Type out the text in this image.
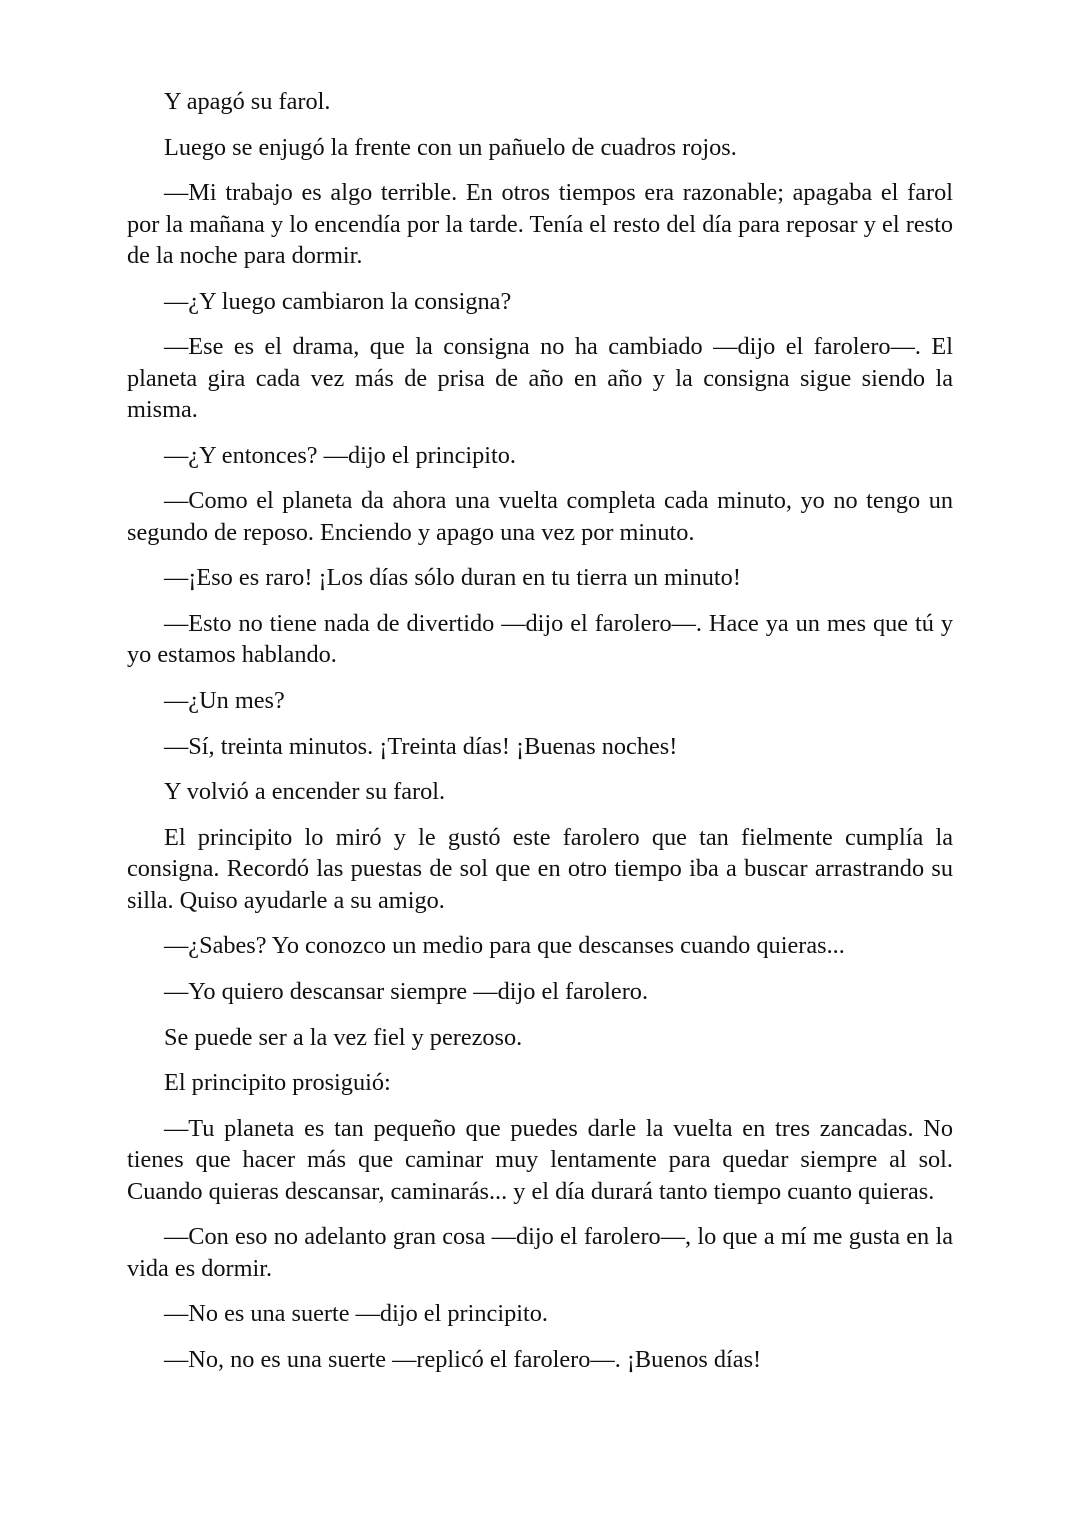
Y apagó su farol.

Luego se enjugó la frente con un pañuelo de cuadros rojos.

—Mi trabajo es algo terrible. En otros tiempos era razonable; apagaba el farol por la mañana y lo encendía por la tarde. Tenía el resto del día para reposar y el resto de la noche para dormir.

—¿Y luego cambiaron la consigna?

—Ese es el drama, que la consigna no ha cambiado —dijo el farolero—. El planeta gira cada vez más de prisa de año en año y la consigna sigue siendo la misma.

—¿Y entonces? —dijo el principito.

—Como el planeta da ahora una vuelta completa cada minuto, yo no tengo un segundo de reposo. Enciendo y apago una vez por minuto.

—¡Eso es raro! ¡Los días sólo duran en tu tierra un minuto!

—Esto no tiene nada de divertido —dijo el farolero—. Hace ya un mes que tú y yo estamos hablando.

—¿Un mes?

—Sí, treinta minutos. ¡Treinta días! ¡Buenas noches!

Y volvió a encender su farol.

El principito lo miró y le gustó este farolero que tan fielmente cumplía la consigna. Recordó las puestas de sol que en otro tiempo iba a buscar arrastrando su silla. Quiso ayudarle a su amigo.

—¿Sabes? Yo conozco un medio para que descanses cuando quieras...

—Yo quiero descansar siempre —dijo el farolero.

Se puede ser a la vez fiel y perezoso.

El principito prosiguió:

—Tu planeta es tan pequeño que puedes darle la vuelta en tres zancadas. No tienes que hacer más que caminar muy lentamente para quedar siempre al sol. Cuando quieras descansar, caminarás... y el día durará tanto tiempo cuanto quieras.

—Con eso no adelanto gran cosa —dijo el farolero—, lo que a mí me gusta en la vida es dormir.

—No es una suerte —dijo el principito.

—No, no es una suerte —replicó el farolero—. ¡Buenos días!
